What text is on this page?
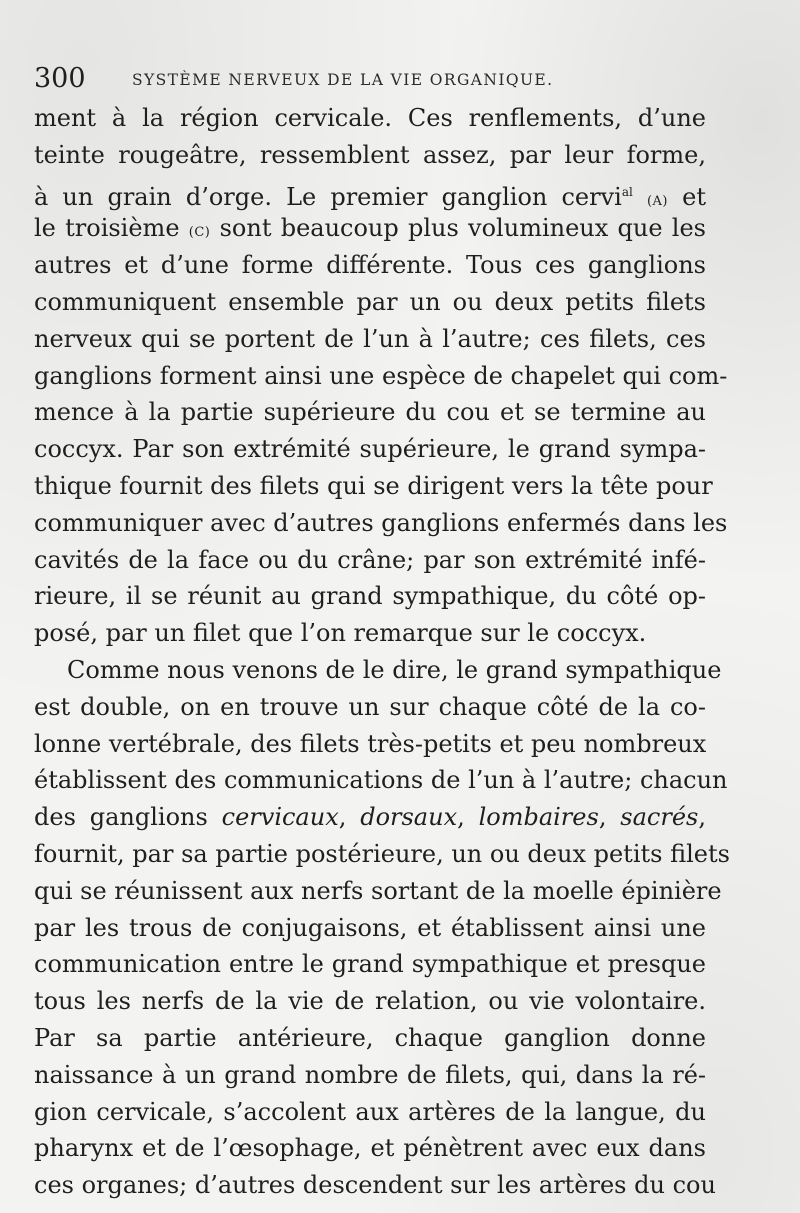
300	SYSTÈME NERVEUX DE LA VIE ORGANIQUE.
ment à la région cervicale. Ces renflements, d’une
teinte rougeâtre, ressemblent assez, par leur forme,
à un grain d’orge. Le premier ganglion cervi$^{al}$ (A) et
le troisième (C) sont beaucoup plus volumineux que les
autres et d’une forme différente. Tous ces ganglions
communiquent ensemble par un ou deux petits filets
nerveux qui se portent de l’un à l’autre; ces filets, ces
ganglions forment ainsi une espèce de chapelet qui com-
mence à la partie supérieure du cou et se termine au
coccyx. Par son extrémité supérieure, le grand sympa-
thique fournit des filets qui se dirigent vers la tête pour
communiquer avec d’autres ganglions enfermés dans les
cavités de la face ou du crâne; par son extrémité infé-
rieure, il se réunit au grand sympathique, du côté op-
posé, par un filet que l’on remarque sur le coccyx.
Comme nous venons de le dire, le grand sympathique
est double, on en trouve un sur chaque côté de la co-
lonne vertébrale, des filets très-petits et peu nombreux
établissent des communications de l’un à l’autre; chacun
des ganglions cervicaux, dorsaux, lombaires, sacrés,
fournit, par sa partie postérieure, un ou deux petits filets
qui se réunissent aux nerfs sortant de la moelle épinière
par les trous de conjugaisons, et établissent ainsi une
communication entre le grand sympathique et presque
tous les nerfs de la vie de relation, ou vie volontaire.
Par sa partie antérieure, chaque ganglion donne
naissance à un grand nombre de filets, qui, dans la ré-
gion cervicale, s’accolent aux artères de la langue, du
pharynx et de l’œsophage, et pénètrent avec eux dans
ces organes; d’autres descendent sur les artères du cou
